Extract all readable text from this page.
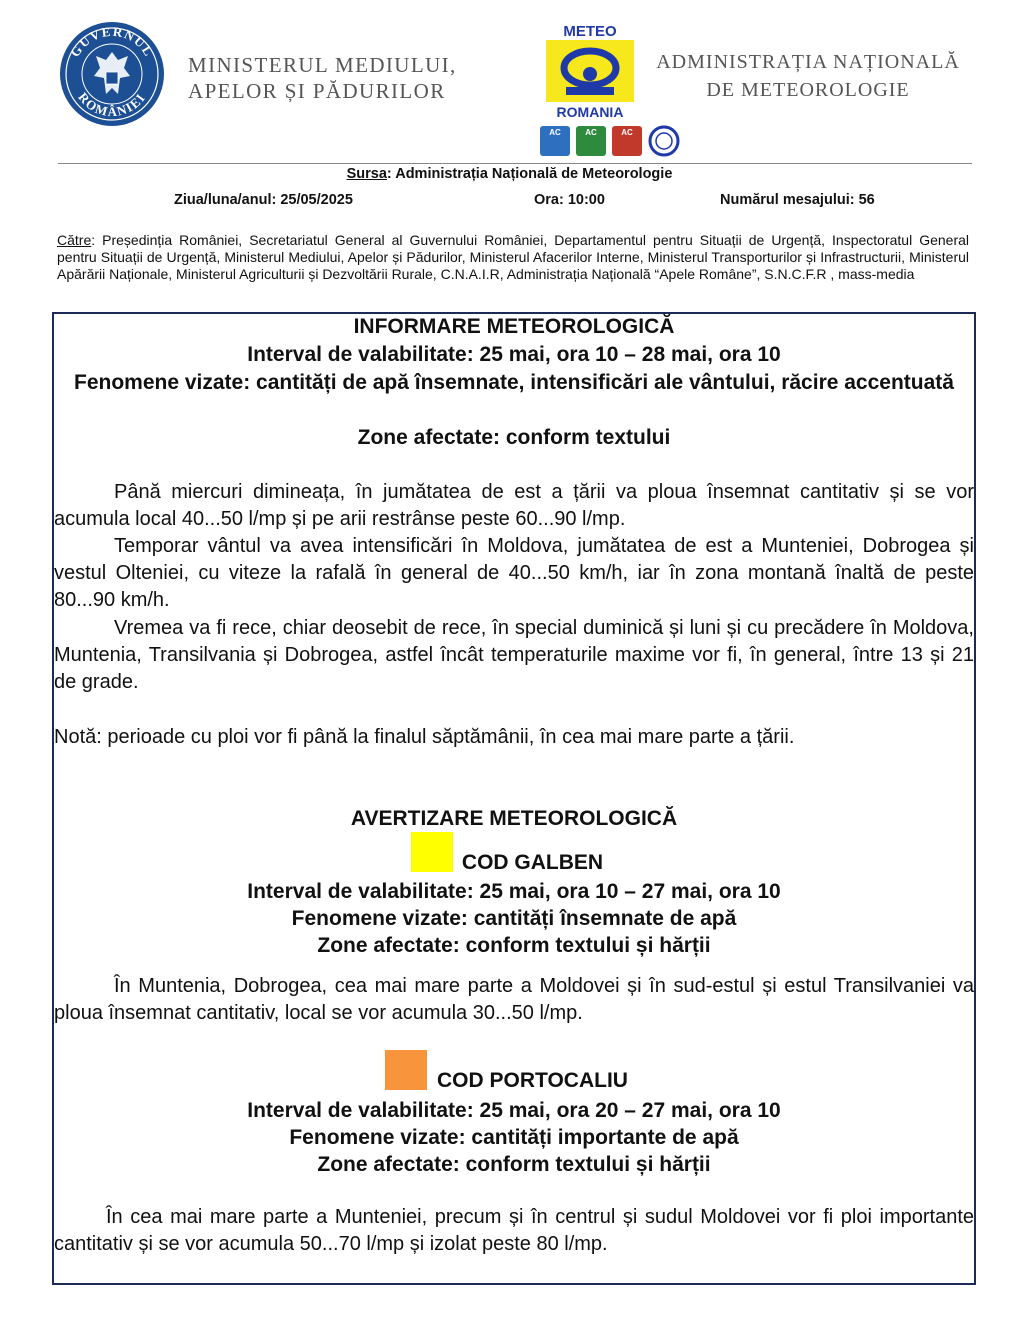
GUVERNUL
ROMÂNIEI
MINISTERUL MEDIULUI,
APELOR ȘI PĂDURILOR
METEO
ROMANIA
AC	AC	AC
ADMINISTRAȚIA NAȚIONALĂ
DE METEOROLOGIE
Sursa: Administrația Națională de Meteorologie
Ziua/luna/anul: 25/05/2025	Ora: 10:00	Numărul mesajului: 56
Către: Președinția României, Secretariatul General al Guvernului României, Departamentul pentru Situații de Urgență, Inspectoratul General pentru Situații de Urgență, Ministerul Mediului, Apelor și Pădurilor, Ministerul Afacerilor Interne, Ministerul Transporturilor și Infrastructurii, Ministerul Apărării Naționale, Ministerul Agriculturii și Dezvoltării Rurale, C.N.A.I.R, Administrația Națională “Apele Române”, S.N.C.F.R , mass-media
INFORMARE METEOROLOGICĂ
Interval de valabilitate: 25 mai, ora 10 – 28 mai, ora 10
Fenomene vizate: cantități de apă însemnate, intensificări ale vântului, răcire accentuată
Zone afectate: conform textului
Până miercuri dimineața, în jumătatea de est a țării va ploua însemnat cantitativ și se vor acumula local 40...50 l/mp și pe arii restrânse peste 60...90 l/mp.
Temporar vântul va avea intensificări în Moldova, jumătatea de est a Munteniei, Dobrogea și vestul Olteniei, cu viteze la rafală în general de 40...50 km/h, iar în zona montană înaltă de peste 80...90 km/h.
Vremea va fi rece, chiar deosebit de rece, în special duminică și luni și cu precădere în Moldova, Muntenia, Transilvania și Dobrogea, astfel încât temperaturile maxime vor fi, în general, între 13 și 21 de grade.
Notă: perioade cu ploi vor fi până la finalul săptămânii, în cea mai mare parte a țării.
AVERTIZARE METEOROLOGICĂ
COD GALBEN
Interval de valabilitate: 25 mai, ora 10 – 27 mai, ora 10
Fenomene vizate: cantități însemnate de apă
Zone afectate: conform textului și hărții
În Muntenia, Dobrogea, cea mai mare parte a Moldovei și în sud-estul și estul Transilvaniei va ploua însemnat cantitativ, local se vor acumula 30...50 l/mp.
COD PORTOCALIU
Interval de valabilitate: 25 mai, ora 20 – 27 mai, ora 10
Fenomene vizate: cantități importante de apă
Zone afectate: conform textului și hărții
În cea mai mare parte a Munteniei, precum și în centrul și sudul Moldovei vor fi ploi importante cantitativ și se vor acumula 50...70 l/mp și izolat peste 80 l/mp.
